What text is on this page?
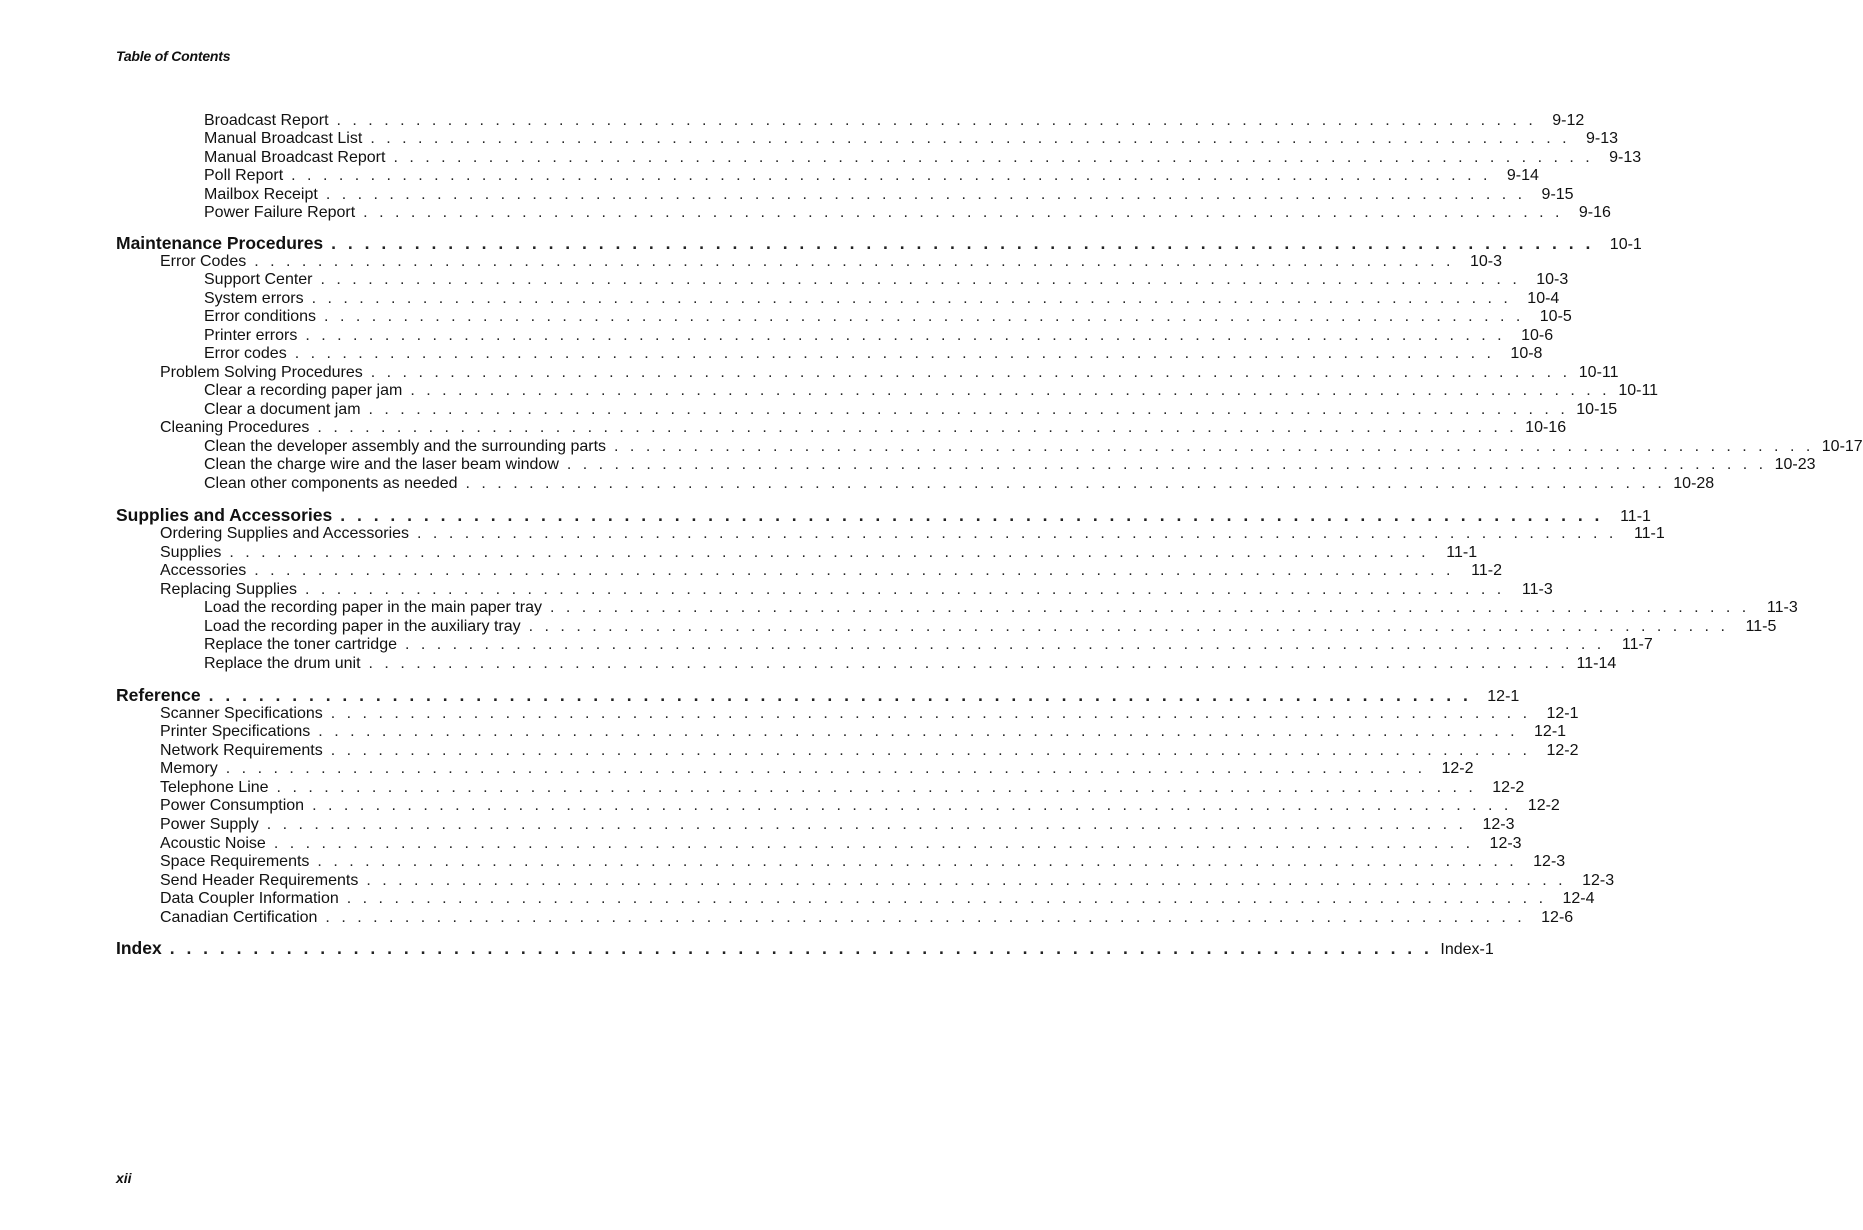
Table of Contents
Broadcast Report . . . . . . . . . . . . . . . . . . . . . . . . . . . . . . . . . . . . . . . . . . . . . . . . . . . . . . . . . . . . . . . . . . . . . . . . . . . . 9-12
Manual Broadcast List . . . . . . . . . . . . . . . . . . . . . . . . . . . . . . . . . . . . . . . . . . . . . . . . . . . . . . . . . . . . . . . . . . . . . . . . . . . . 9-13
Manual Broadcast Report . . . . . . . . . . . . . . . . . . . . . . . . . . . . . . . . . . . . . . . . . . . . . . . . . . . . . . . . . . . . . . . . . . . . . . . . . . . . 9-13
Poll Report . . . . . . . . . . . . . . . . . . . . . . . . . . . . . . . . . . . . . . . . . . . . . . . . . . . . . . . . . . . . . . . . . . . . . . . . . . . . 9-14
Mailbox Receipt . . . . . . . . . . . . . . . . . . . . . . . . . . . . . . . . . . . . . . . . . . . . . . . . . . . . . . . . . . . . . . . . . . . . . . . . . . . . 9-15
Power Failure Report . . . . . . . . . . . . . . . . . . . . . . . . . . . . . . . . . . . . . . . . . . . . . . . . . . . . . . . . . . . . . . . . . . . . . . . . . . . . 9-16
Maintenance Procedures . . . . . . . . . . . . . . . . . . . . . . . . . . . . . . . . . . . . . . . . . . . . . . . . . . . . . . . . . . . . . . . . . . . . . . . . . . . . 10-1
Error Codes . . . . . . . . . . . . . . . . . . . . . . . . . . . . . . . . . . . . . . . . . . . . . . . . . . . . . . . . . . . . . . . . . . . . . . . . . . . . 10-3
Support Center . . . . . . . . . . . . . . . . . . . . . . . . . . . . . . . . . . . . . . . . . . . . . . . . . . . . . . . . . . . . . . . . . . . . . . . . . . . . 10-3
System errors . . . . . . . . . . . . . . . . . . . . . . . . . . . . . . . . . . . . . . . . . . . . . . . . . . . . . . . . . . . . . . . . . . . . . . . . . . . . 10-4
Error conditions . . . . . . . . . . . . . . . . . . . . . . . . . . . . . . . . . . . . . . . . . . . . . . . . . . . . . . . . . . . . . . . . . . . . . . . . . . . . 10-5
Printer errors . . . . . . . . . . . . . . . . . . . . . . . . . . . . . . . . . . . . . . . . . . . . . . . . . . . . . . . . . . . . . . . . . . . . . . . . . . . . 10-6
Error codes . . . . . . . . . . . . . . . . . . . . . . . . . . . . . . . . . . . . . . . . . . . . . . . . . . . . . . . . . . . . . . . . . . . . . . . . . . . . 10-8
Problem Solving Procedures . . . . . . . . . . . . . . . . . . . . . . . . . . . . . . . . . . . . . . . . . . . . . . . . . . . . . . . . . . . . . . . . . . . . . . . . . . . . 10-11
Clear a recording paper jam . . . . . . . . . . . . . . . . . . . . . . . . . . . . . . . . . . . . . . . . . . . . . . . . . . . . . . . . . . . . . . . . . . . . . . . . . . . . 10-11
Clear a document jam . . . . . . . . . . . . . . . . . . . . . . . . . . . . . . . . . . . . . . . . . . . . . . . . . . . . . . . . . . . . . . . . . . . . . . . . . . . . 10-15
Cleaning Procedures . . . . . . . . . . . . . . . . . . . . . . . . . . . . . . . . . . . . . . . . . . . . . . . . . . . . . . . . . . . . . . . . . . . . . . . . . . . . 10-16
Clean the developer assembly and the surrounding parts . . . . . . . . . . . . . . . . . . . . . . . . . . . . . . . . . . . . . . . . . . . . . . . . . . . . . . . . . . . . . . . . . . . . . . . . . . . . 10-17
Clean the charge wire and the laser beam window . . . . . . . . . . . . . . . . . . . . . . . . . . . . . . . . . . . . . . . . . . . . . . . . . . . . . . . . . . . . . . . . . . . . . . . . . . . . 10-23
Clean other components as needed . . . . . . . . . . . . . . . . . . . . . . . . . . . . . . . . . . . . . . . . . . . . . . . . . . . . . . . . . . . . . . . . . . . . . . . . . . . . 10-28
Supplies and Accessories . . . . . . . . . . . . . . . . . . . . . . . . . . . . . . . . . . . . . . . . . . . . . . . . . . . . . . . . . . . . . . . . . . . . . . . . . . . .	11-1
Ordering Supplies and Accessories . . . . . . . . . . . . . . . . . . . . . . . . . . . . . . . . . . . . . . . . . . . . . . . . . . . . . . . . . . . . . . . . . . . . . . . . . . . .	11-1
Supplies . . . . . . . . . . . . . . . . . . . . . . . . . . . . . . . . . . . . . . . . . . . . . . . . . . . . . . . . . . . . . . . . . . . . . . . . . . . .	11-1
Accessories . . . . . . . . . . . . . . . . . . . . . . . . . . . . . . . . . . . . . . . . . . . . . . . . . . . . . . . . . . . . . . . . . . . . . . . . . . . .	11-2
Replacing Supplies . . . . . . . . . . . . . . . . . . . . . . . . . . . . . . . . . . . . . . . . . . . . . . . . . . . . . . . . . . . . . . . . . . . . . . . . . . . .	11-3
Load the recording paper in the main paper tray . . . . . . . . . . . . . . . . . . . . . . . . . . . . . . . . . . . . . . . . . . . . . . . . . . . . . . . . . . . . . . . . . . . . . . . . . . . .	11-3
Load the recording paper in the auxiliary tray . . . . . . . . . . . . . . . . . . . . . . . . . . . . . . . . . . . . . . . . . . . . . . . . . . . . . . . . . . . . . . . . . . . . . . . . . . . .	11-5
Replace the toner cartridge . . . . . . . . . . . . . . . . . . . . . . . . . . . . . . . . . . . . . . . . . . . . . . . . . . . . . . . . . . . . . . . . . . . . . . . . . . . .	11-7
Replace the drum unit . . . . . . . . . . . . . . . . . . . . . . . . . . . . . . . . . . . . . . . . . . . . . . . . . . . . . . . . . . . . . . . . . . . . . . . . . . . . 11-14
Reference . . . . . . . . . . . . . . . . . . . . . . . . . . . . . . . . . . . . . . . . . . . . . . . . . . . . . . . . . . . . . . . . . . . . . . . . . . . . 12-1
Scanner Specifications . . . . . . . . . . . . . . . . . . . . . . . . . . . . . . . . . . . . . . . . . . . . . . . . . . . . . . . . . . . . . . . . . . . . . . . . . . . . 12-1
Printer Specifications . . . . . . . . . . . . . . . . . . . . . . . . . . . . . . . . . . . . . . . . . . . . . . . . . . . . . . . . . . . . . . . . . . . . . . . . . . . . 12-1
Network Requirements . . . . . . . . . . . . . . . . . . . . . . . . . . . . . . . . . . . . . . . . . . . . . . . . . . . . . . . . . . . . . . . . . . . . . . . . . . . . 12-2
Memory . . . . . . . . . . . . . . . . . . . . . . . . . . . . . . . . . . . . . . . . . . . . . . . . . . . . . . . . . . . . . . . . . . . . . . . . . . . . 12-2
Telephone Line . . . . . . . . . . . . . . . . . . . . . . . . . . . . . . . . . . . . . . . . . . . . . . . . . . . . . . . . . . . . . . . . . . . . . . . . . . . . 12-2
Power Consumption . . . . . . . . . . . . . . . . . . . . . . . . . . . . . . . . . . . . . . . . . . . . . . . . . . . . . . . . . . . . . . . . . . . . . . . . . . . . 12-2
Power Supply . . . . . . . . . . . . . . . . . . . . . . . . . . . . . . . . . . . . . . . . . . . . . . . . . . . . . . . . . . . . . . . . . . . . . . . . . . . . 12-3
Acoustic Noise . . . . . . . . . . . . . . . . . . . . . . . . . . . . . . . . . . . . . . . . . . . . . . . . . . . . . . . . . . . . . . . . . . . . . . . . . . . . 12-3
Space Requirements . . . . . . . . . . . . . . . . . . . . . . . . . . . . . . . . . . . . . . . . . . . . . . . . . . . . . . . . . . . . . . . . . . . . . . . . . . . . 12-3
Send Header Requirements . . . . . . . . . . . . . . . . . . . . . . . . . . . . . . . . . . . . . . . . . . . . . . . . . . . . . . . . . . . . . . . . . . . . . . . . . . . . 12-3
Data Coupler Information . . . . . . . . . . . . . . . . . . . . . . . . . . . . . . . . . . . . . . . . . . . . . . . . . . . . . . . . . . . . . . . . . . . . . . . . . . . . 12-4
Canadian Certification . . . . . . . . . . . . . . . . . . . . . . . . . . . . . . . . . . . . . . . . . . . . . . . . . . . . . . . . . . . . . . . . . . . . . . . . . . . . 12-6
Index . . . . . . . . . . . . . . . . . . . . . . . . . . . . . . . . . . . . . . . . . . . . . . . . . . . . . . . . . . . . . . . . . . . . . . . . . . . . Index-1
xii
